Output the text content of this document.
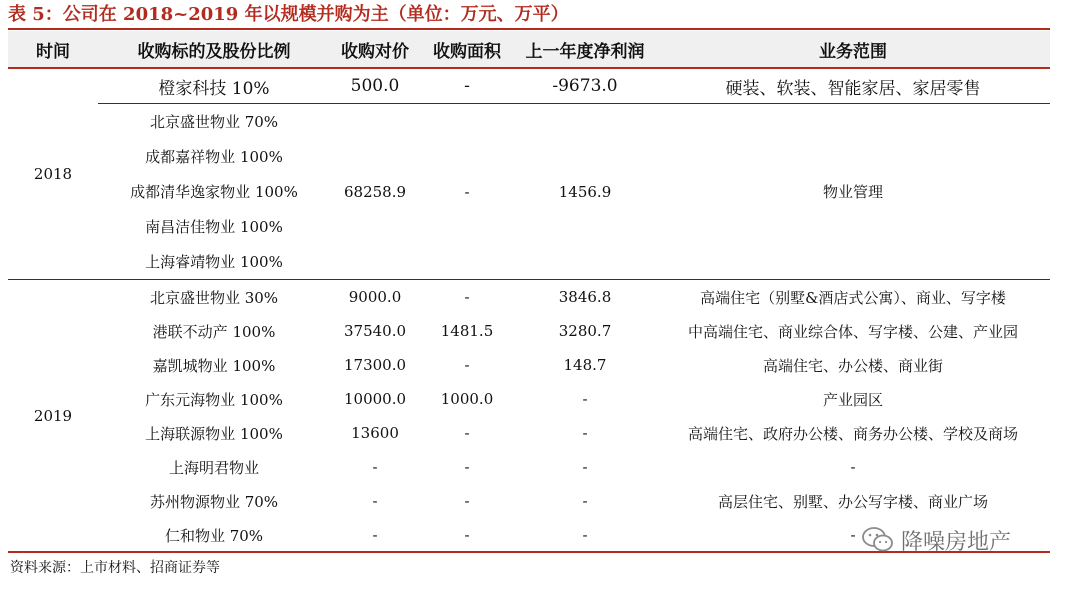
表 5：公司在 2018~2019 年以规模并购为主（单位：万元、万平）
时间	收购标的及股份比例	收购对价	收购面积	上一年度净利润	业务范围
2018	橙家科技 10%	500.0	-	-9673.0	硬装、软装、智能家居、家居零售
	北京盛世物业 70%	68258.9	-	1456.9	物业管理
	成都嘉祥物业 100%				
	成都清华逸家物业 100%				
	南昌洁佳物业 100%				
	上海睿靖物业 100%				
2019	北京盛世物业 30%	9000.0	-	3846.8	高端住宅（别墅&酒店式公寓）、商业、写字楼
	港联不动产 100%	37540.0	1481.5	3280.7	中高端住宅、商业综合体、写字楼、公建、产业园
	嘉凯城物业 100%	17300.0	-	148.7	高端住宅、办公楼、商业街
	广东元海物业 100%	10000.0	1000.0	-	产业园区
	上海联源物业 100%	13600	-	-	高端住宅、政府办公楼、商务办公楼、学校及商场
	上海明君物业	-	-	-	-
	苏州物源物业 70%	-	-	-	高层住宅、别墅、办公写字楼、商业广场
	仁和物业 70%	-	-	-	-
资料来源：上市材料、招商证券等
降噪房地产
